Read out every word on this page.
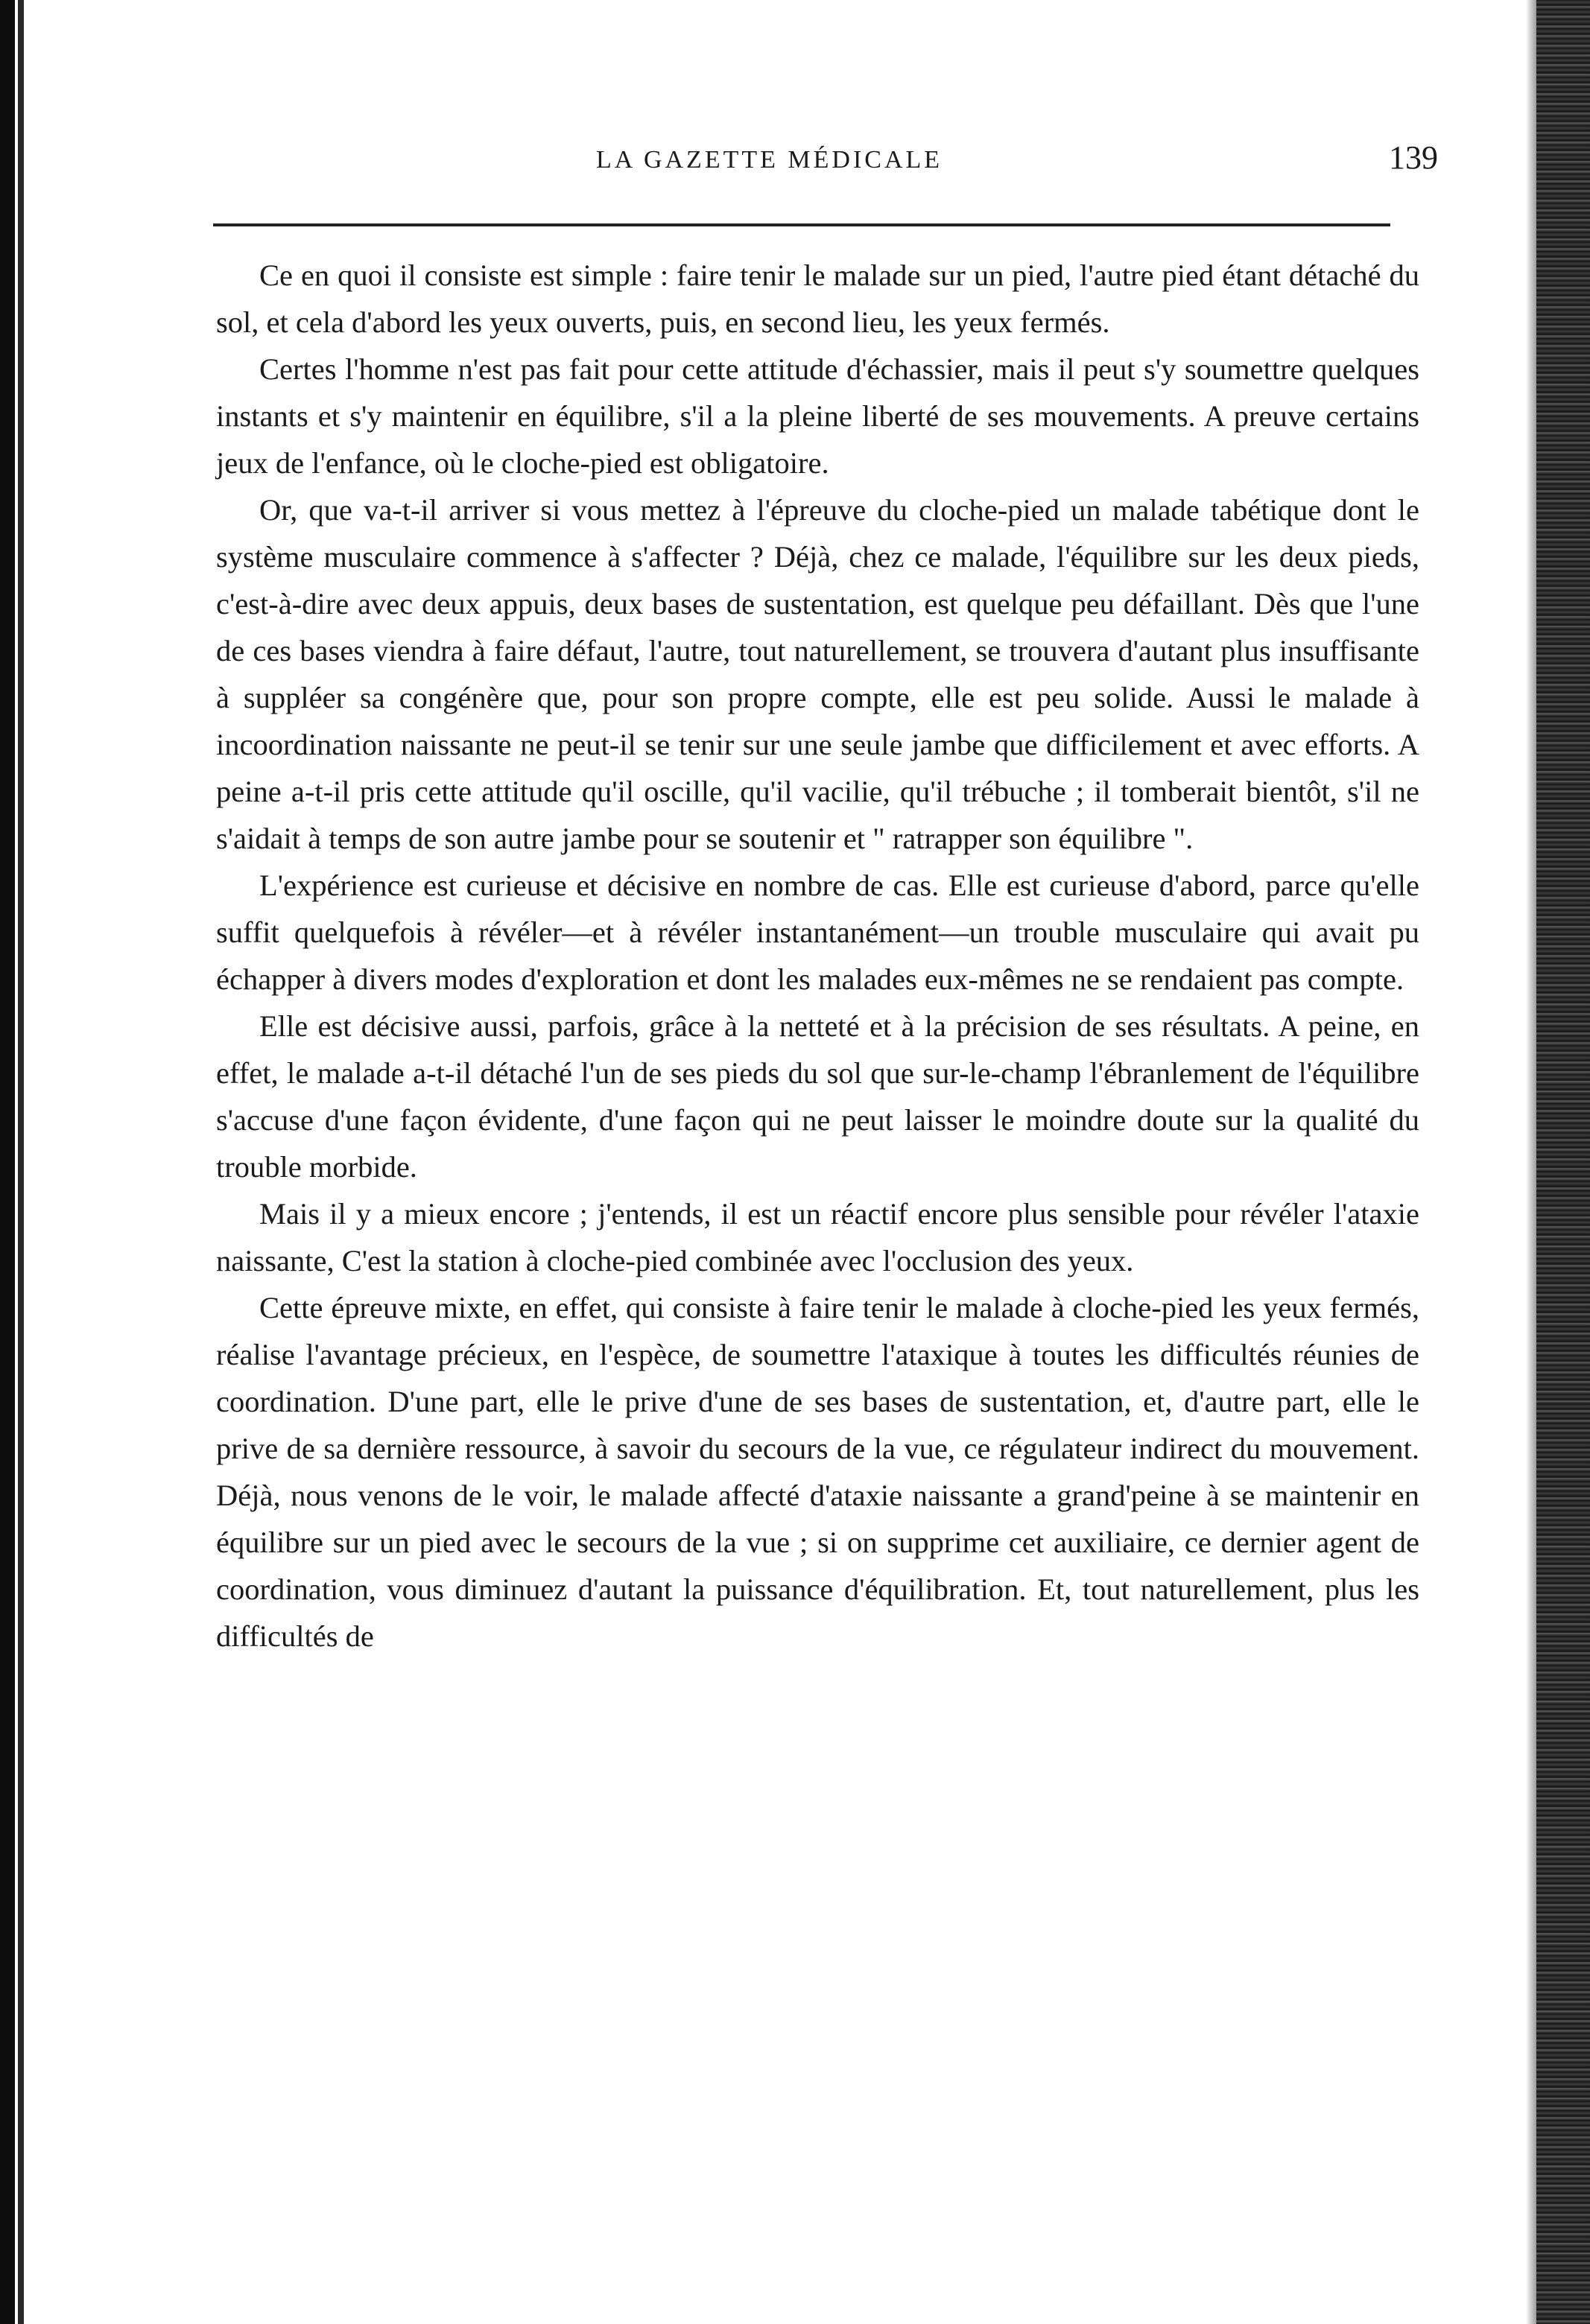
LA GAZETTE MÉDICALE	139

Ce en quoi il consiste est simple : faire tenir le malade sur un pied, l'autre pied étant détaché du sol, et cela d'abord les yeux ouverts, puis, en second lieu, les yeux fermés.

Certes l'homme n'est pas fait pour cette attitude d'échassier, mais il peut s'y soumettre quelques instants et s'y maintenir en équilibre, s'il a la pleine liberté de ses mouvements. A preuve certains jeux de l'enfance, où le cloche-pied est obligatoire.

Or, que va-t-il arriver si vous mettez à l'épreuve du cloche-pied un malade tabétique dont le système musculaire commence à s'affecter ? Déjà, chez ce malade, l'équilibre sur les deux pieds, c'est-à-dire avec deux appuis, deux bases de sustentation, est quelque peu défaillant. Dès que l'une de ces bases viendra à faire défaut, l'autre, tout naturellement, se trouvera d'autant plus insuffisante à suppléer sa congénère que, pour son propre compte, elle est peu solide. Aussi le malade à incoordination naissante ne peut-il se tenir sur une seule jambe que difficilement et avec efforts. A peine a-t-il pris cette attitude qu'il oscille, qu'il vacilie, qu'il trébuche ; il tomberait bientôt, s'il ne s'aidait à temps de son autre jambe pour se soutenir et " ratrapper son équilibre ".

L'expérience est curieuse et décisive en nombre de cas. Elle est curieuse d'abord, parce qu'elle suffit quelquefois à révéler—et à révéler instantanément—un trouble musculaire qui avait pu échapper à divers modes d'exploration et dont les malades eux-mêmes ne se rendaient pas compte.

Elle est décisive aussi, parfois, grâce à la netteté et à la précision de ses résultats. A peine, en effet, le malade a-t-il détaché l'un de ses pieds du sol que sur-le-champ l'ébranlement de l'équilibre s'accuse d'une façon évidente, d'une façon qui ne peut laisser le moindre doute sur la qualité du trouble morbide.

Mais il y a mieux encore ; j'entends, il est un réactif encore plus sensible pour révéler l'ataxie naissante, C'est la station à cloche-pied combinée avec l'occlusion des yeux.

Cette épreuve mixte, en effet, qui consiste à faire tenir le malade à cloche-pied les yeux fermés, réalise l'avantage précieux, en l'espèce, de soumettre l'ataxique à toutes les difficultés réunies de coordination. D'une part, elle le prive d'une de ses bases de sustentation, et, d'autre part, elle le prive de sa dernière ressource, à savoir du secours de la vue, ce régulateur indirect du mouvement. Déjà, nous venons de le voir, le malade affecté d'ataxie naissante a grand'peine à se maintenir en équilibre sur un pied avec le secours de la vue ; si on supprime cet auxiliaire, ce dernier agent de coordination, vous diminuez d'autant la puissance d'équilibration. Et, tout naturellement, plus les difficultés de
